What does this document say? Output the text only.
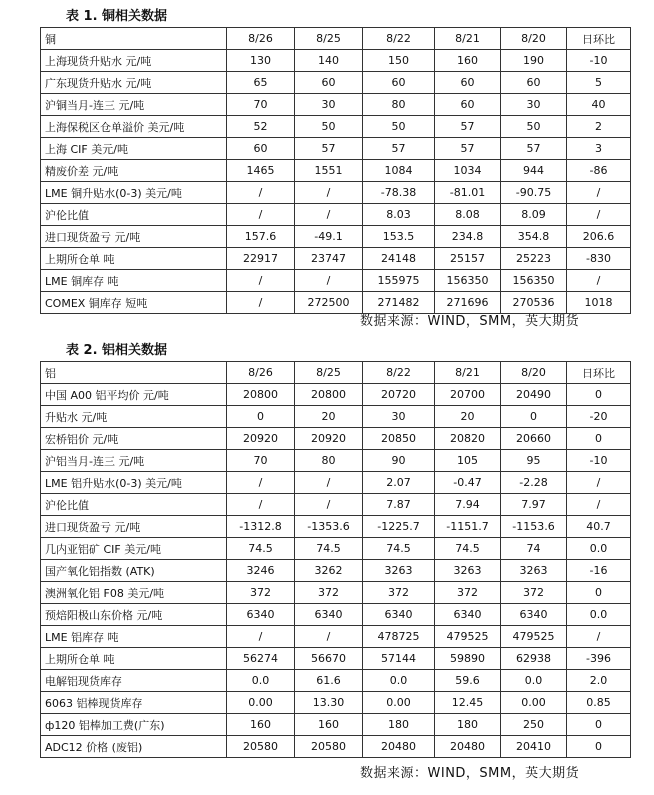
表 1. 铜相关数据
铜	8/26	8/25	8/22	8/21	8/20	日环比
上海现货升贴水 元/吨	130	140	150	160	190	-10
广东现货升贴水 元/吨	65	60	60	60	60	5
沪铜当月-连三 元/吨	70	30	80	60	30	40
上海保税区仓单溢价 美元/吨	52	50	50	57	50	2
上海 CIF 美元/吨	60	57	57	57	57	3
精废价差 元/吨	1465	1551	1084	1034	944	-86
LME 铜升贴水(0-3) 美元/吨	/	/	-78.38	-81.01	-90.75	/
沪伦比值	/	/	8.03	8.08	8.09	/
进口现货盈亏 元/吨	157.6	-49.1	153.5	234.8	354.8	206.6
上期所仓单 吨	22917	23747	24148	25157	25223	-830
LME 铜库存 吨	/	/	155975	156350	156350	/
COMEX 铜库存 短吨	/	272500	271482	271696	270536	1018
数据来源：WIND，SMM，英大期货
表 2. 铝相关数据
铝	8/26	8/25	8/22	8/21	8/20	日环比
中国 A00 铝平均价 元/吨	20800	20800	20720	20700	20490	0
升贴水 元/吨	0	20	30	20	0	-20
宏桥铝价 元/吨	20920	20920	20850	20820	20660	0
沪铝当月-连三 元/吨	70	80	90	105	95	-10
LME 铝升贴水(0-3) 美元/吨	/	/	2.07	-0.47	-2.28	/
沪伦比值	/	/	7.87	7.94	7.97	/
进口现货盈亏 元/吨	-1312.8	-1353.6	-1225.7	-1151.7	-1153.6	40.7
几内亚铝矿 CIF 美元/吨	74.5	74.5	74.5	74.5	74	0.0
国产氧化铝指数 (ATK)	3246	3262	3263	3263	3263	-16
澳洲氧化铝 F08 美元/吨	372	372	372	372	372	0
预焙阳极山东价格 元/吨	6340	6340	6340	6340	6340	0.0
LME 铝库存 吨	/	/	478725	479525	479525	/
上期所仓单 吨	56274	56670	57144	59890	62938	-396
电解铝现货库存	0.0	61.6	0.0	59.6	0.0	2.0
6063 铝棒现货库存	0.00	13.30	0.00	12.45	0.00	0.85
ф120 铝棒加工费(广东)	160	160	180	180	250	0
ADC12 价格 (废铝)	20580	20580	20480	20480	20410	0
数据来源：WIND，SMM，英大期货
